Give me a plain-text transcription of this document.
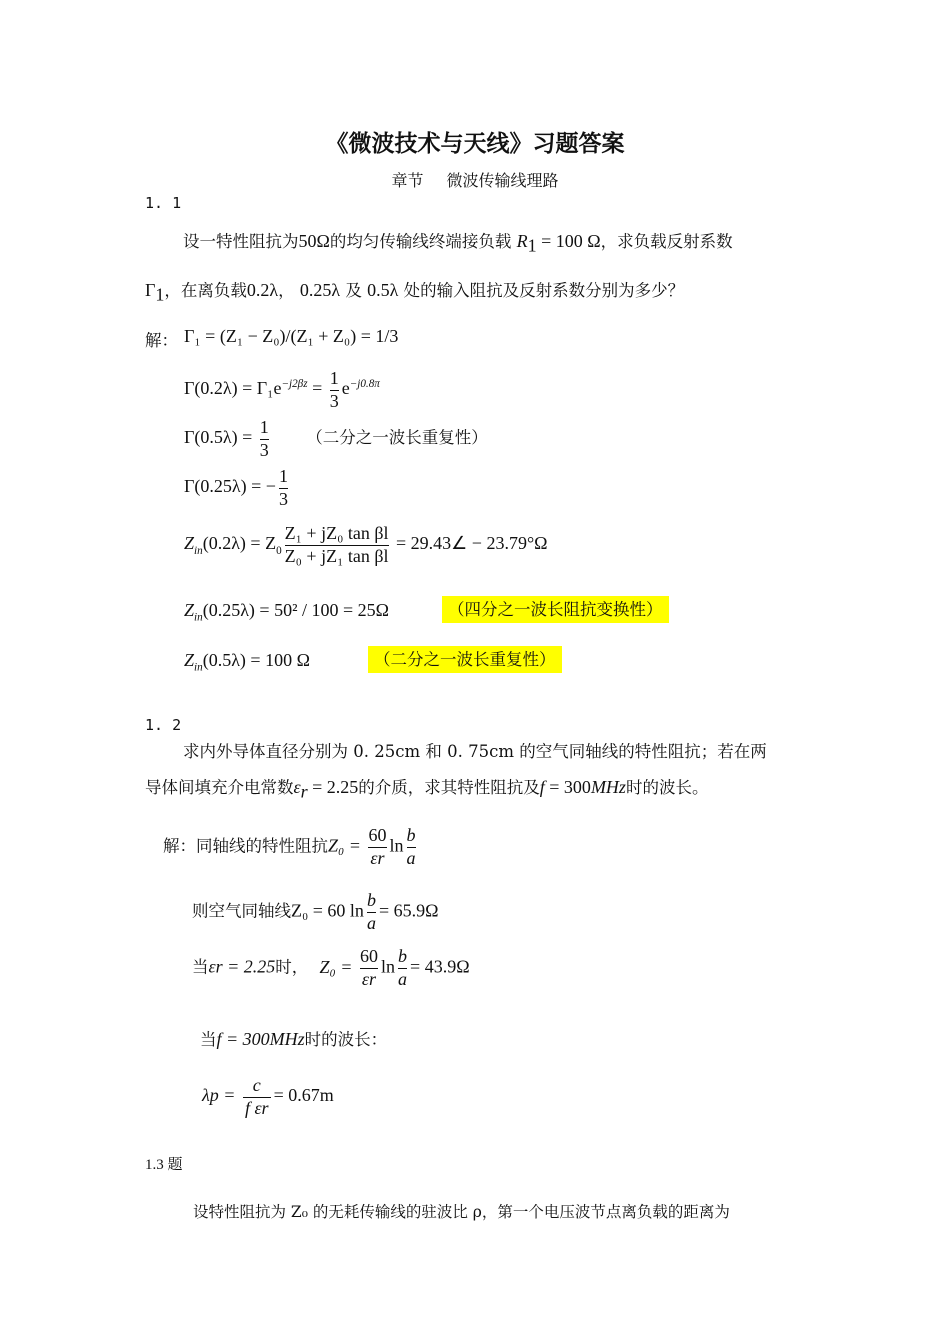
《微波技术与天线》习题答案
章节 微波传输线理路
1. 1
设一特性阻抗为50Ω的均匀传输线终端接负载 $R_1 = 100$ Ω，求负载反射系数
$\Gamma_1$，在离负载0.2λ， 0.25λ 及 0.5λ 处的输入阻抗及反射系数分别为多少？
解： Γ₁ = (Z₁ − Z₀)/(Z₁ + Z₀) = 1/3
$\Gamma(0.2\lambda) = \Gamma_1e^{-j2\beta z} = \frac{1}{3} e^{-j0.8\pi}$
$\Gamma(0.5\lambda) = \frac{1}{3}$ （二分之一波长重复性）
Γ(0.25λ) = − $\frac{1}{3}$
$Z_{in}(0.2\lambda) = Z_0 \frac{\text{Z₁ + jZ₀ tan βl}}{\text{Z₀ + jZ₁ tan βl}}$ = 29.43∠ − 23.79°Ω
$Z_{in}(0.25\lambda) = 50^2 / 100 = 25\Omega$	（四分之一波长阻抗变换性）
$Z_{in}(0.5\lambda) = 100$ Ω	（二分之一波长重复性）
1. 2
求内外导体直径分别为 0. 25cm 和 0. 75cm 的空气同轴线的特性阻抗；若在两
导体间填充介电常数$\varepsilon_r = 2.25$的介质，求其特性阻抗及f = 300MHz时的波长。
解：同轴线的特性阻抗$Z_0 = \frac{60}{\varepsilon r}$ $\ln \frac{b}{a}$
则空气同轴线Z₀ = 60 $\ln \frac{b}{a} = 65.9\Omega$
当εr = 2.25时， $Z_0 = \frac{60}{\varepsilon r}$ $\ln \frac{b}{a} = 43.9\Omega$
当f = 300MHz时的波长：
$\lambda p = \frac{c}{\text{f εr}} = 0.67m$
1.3 题
设特性阻抗为 Z₀ 的无耗传输线的驻波比 ρ，第一个电压波节点离负载的距离为
